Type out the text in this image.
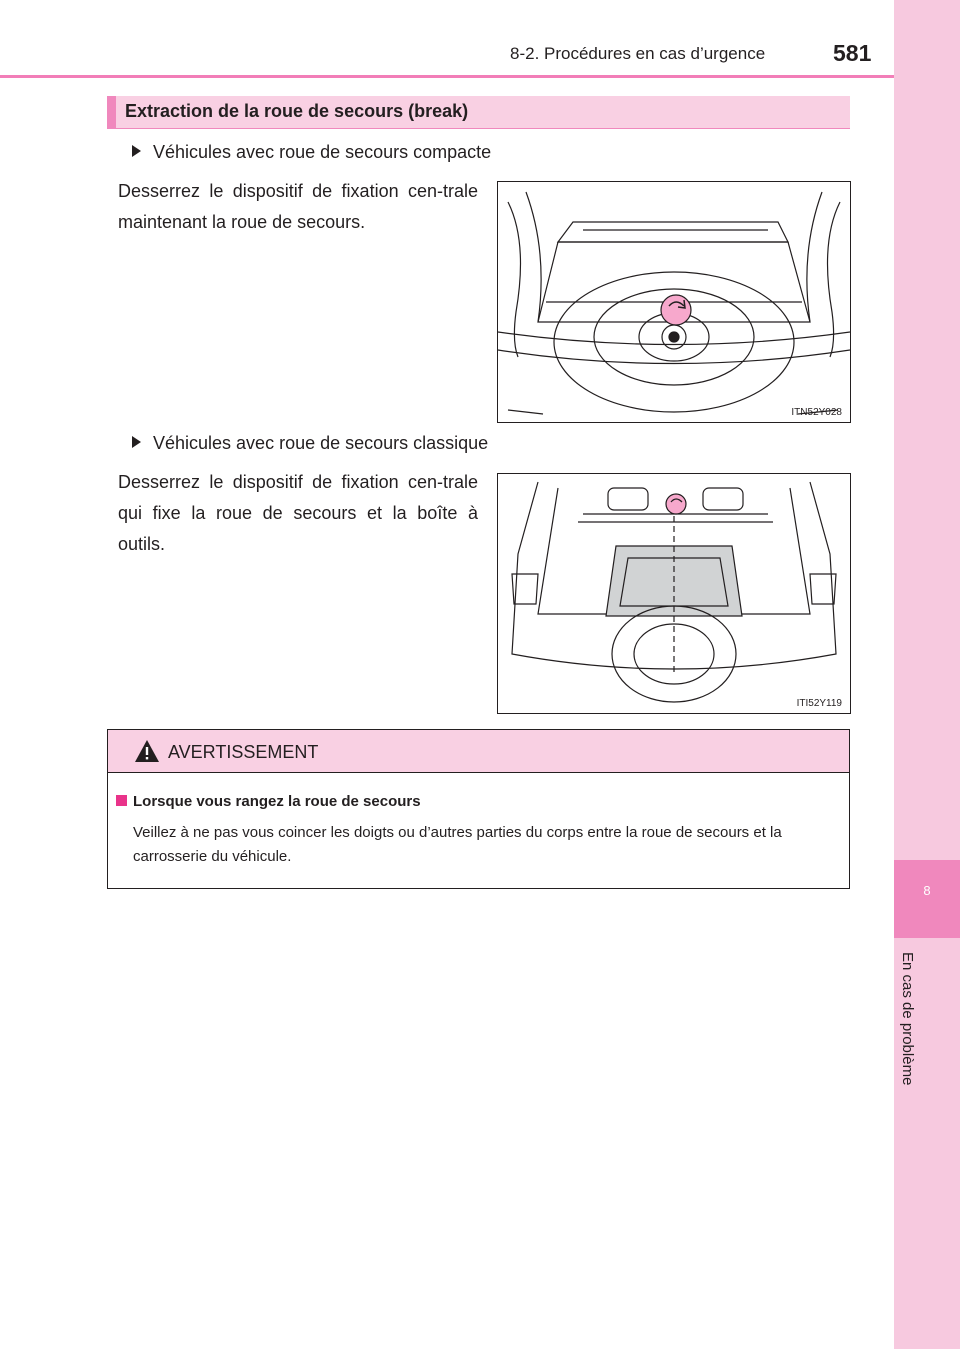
8-2. Procédures en cas d’urgence	581
8
En cas de problème
Extraction de la roue de secours (break)
Véhicules avec roue de secours compacte
Desserrez le dispositif de fixation cen-trale maintenant la roue de secours.
ITN52Y028
Véhicules avec roue de secours classique
Desserrez le dispositif de fixation cen-trale qui fixe la roue de secours et la boîte à outils.
ITI52Y119
AVERTISSEMENT
Lorsque vous rangez la roue de secours
Veillez à ne pas vous coincer les doigts ou d’autres parties du corps entre la roue de secours et la carrosserie du véhicule.
